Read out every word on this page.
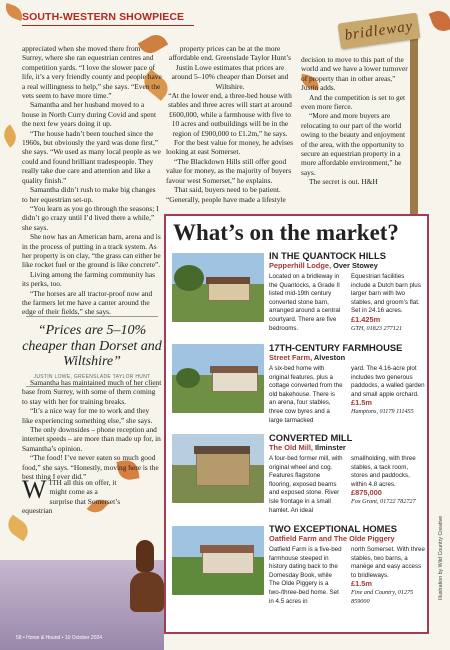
SOUTH-WESTERN SHOWPIECE
bridleway

appreciated when she moved there from Surrey, where she ran equestrian centres and competition yards. “I love the slower pace of life, it’s a very friendly county and people have a real willingness to help,” she says. “Even the vets seem to have more time.”

Samantha and her husband moved to a house in North Curry during Covid and spent the next few years doing it up.

“The house hadn’t been touched since the 1960s, but obviously the yard was done first,” she says. “We used as many local people as we could and found brilliant tradespeople. They really take due care and attention and like a quality finish.”

Samantha didn’t rush to make big changes to her equestrian set-up.

“You learn as you go through the seasons; I didn’t go crazy until I’d lived there a while,” she says.

She now has an American barn, arena and is in the process of putting in a track system. As her property is on clay, “the grass can either be like rocket fuel or the ground is like concrete”.

Living among the farming community has its perks, too.

“The horses are all tractor-proof now and the farmers let me have a canter around the edge of their fields,” she says.

“Prices are 5–10% cheaper than Dorset and Wiltshire”
JUSTIN LOWE, GREENSLADE TAYLOR HUNT

Samantha has maintained much of her client base from Surrey, with some of them coming to stay with her for training breaks.

“It’s a nice way for me to work and they like experiencing something else,” she says.

The only downsides – phone reception and internet speeds – are more than made up for, in Samantha’s opinion.

“The food! I’ve never eaten so much good food,” she says. “Honestly, moving here is the best thing I ever did.”

W ITH all this on offer, it might come as a surprise that Somerset’s equestrian

property prices can be at the more affordable end. Greenslade Taylor Hunt’s Justin Lowe estimates that prices are around 5–10% cheaper than Dorset and Wiltshire.

“At the lower end, a three-bed house with stables and three acres will start at around £600,000, while a farmhouse with five to 10 acres and outbuildings will be in the region of £900,000 to £1.2m,” he says.

For the best value for money, he advises looking at east Somerset.

“The Blackdown Hills still offer good value for money, as the majority of buyers favour west Somerset,” he explains.

That said, buyers need to be patient. “Generally, people have made a lifestyle

decision to move to this part of the world and we have a lower turnover of property than in other areas,” Justin adds.

And the competition is set to get even more fierce.

“More and more buyers are relocating to our part of the world owing to the beauty and enjoyment of the area, with the opportunity to secure an equestrian property in a more affordable environment,” he says.

The secret is out. H&H

58 • Horse & Hound • 10 October 2024
What’s on the market?

IN THE QUANTOCK HILLS

Pepperhill Lodge, Over Stowey

Located on a bridleway in the Quantocks, a Grade II listed mid-19th century converted stone barn, arranged around a central courtyard. There are five bedrooms.

Equestrian facilities include a Dutch barn plus larger barn with two stables, and groom’s flat. Set in 24.16 acres.

£1.425m

GTH, 01823 277121

17TH-CENTURY FARMHOUSE

Street Farm, Alveston

A six-bed home with original features, plus a cottage converted from the old bakehouse. There is an arena, four stables, three cow byres and a large tarmacked

yard. The 4.16-acre plot includes two generous paddocks, a walled garden and small apple orchard.

£1.5m

Hamptons, 01179 111455

CONVERTED MILL

The Old Mill, Ilminster

A four-bed former mill, with original wheel and cog. Features flagstone flooring, exposed beams and exposed stone. River Isle frontage in a small hamlet. An ideal

smallholding, with three stables, a tack room, stores and paddocks, within 4.8 acres.

£875,000

Fox Grant, 01722 782727

TWO EXCEPTIONAL HOMES

Oatfield Farm and The Olde Piggery

Oatfield Farm is a five-bed farmhouse steeped in history dating back to the Domesday Book, while The Olde Piggery is a two-/three-bed home. Set in 4.5 acres in

north Somerset. With three stables, two barns, a manège and easy access to bridleways.

£1.5m

Fine and Country, 01275 859000

Illustration by Wild Country Creative
